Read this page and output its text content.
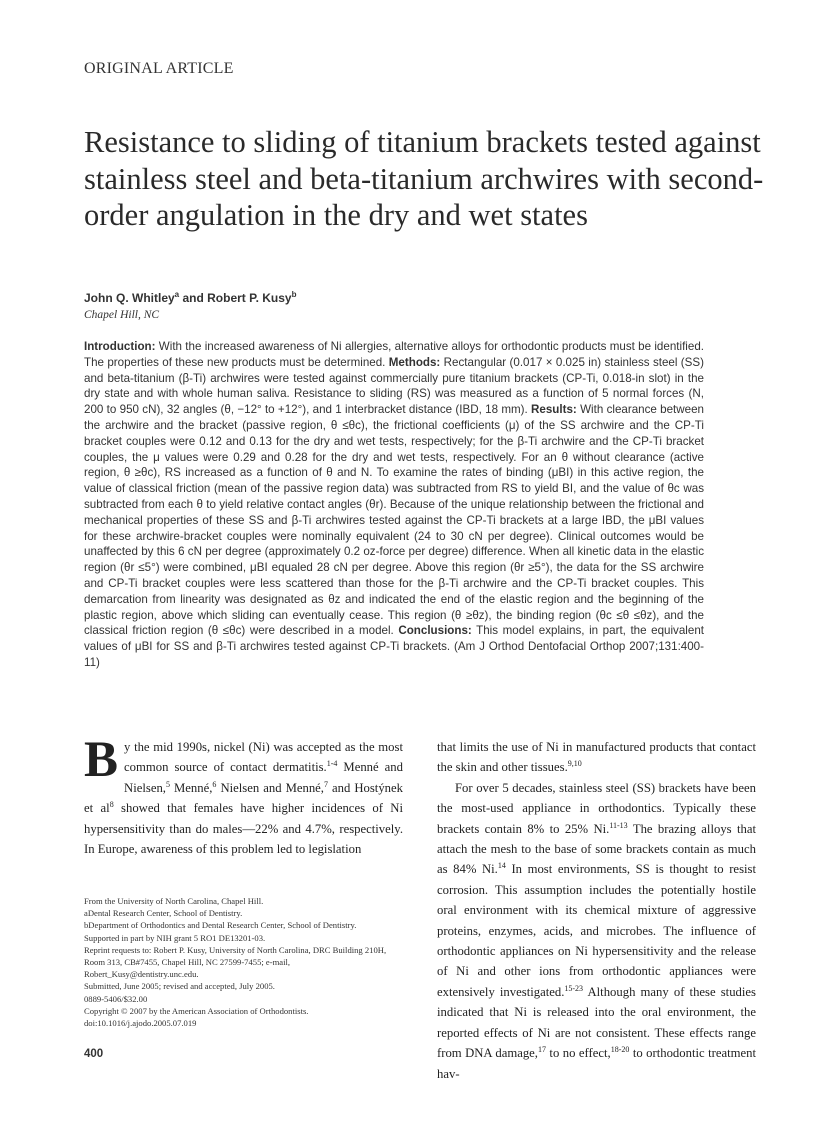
ORIGINAL ARTICLE
Resistance to sliding of titanium brackets tested against stainless steel and beta-titanium archwires with second-order angulation in the dry and wet states
John Q. Whitley$^a$ and Robert P. Kusy$^b$
Chapel Hill, NC
Introduction: With the increased awareness of Ni allergies, alternative alloys for orthodontic products must be identified. The properties of these new products must be determined. Methods: Rectangular (0.017 × 0.025 in) stainless steel (SS) and beta-titanium (β-Ti) archwires were tested against commercially pure titanium brackets (CP-Ti, 0.018-in slot) in the dry state and with whole human saliva. Resistance to sliding (RS) was measured as a function of 5 normal forces (N, 200 to 950 cN), 32 angles (θ, −12° to +12°), and 1 interbracket distance (IBD, 18 mm). Results: With clearance between the archwire and the bracket (passive region, θ ≤θc), the frictional coefficients (μ) of the SS archwire and the CP-Ti bracket couples were 0.12 and 0.13 for the dry and wet tests, respectively; for the β-Ti archwire and the CP-Ti bracket couples, the μ values were 0.29 and 0.28 for the dry and wet tests, respectively. For an θ without clearance (active region, θ ≥θc), RS increased as a function of θ and N. To examine the rates of binding (μBI) in this active region, the value of classical friction (mean of the passive region data) was subtracted from RS to yield BI, and the value of θc was subtracted from each θ to yield relative contact angles (θr). Because of the unique relationship between the frictional and mechanical properties of these SS and β-Ti archwires tested against the CP-Ti brackets at a large IBD, the μBI values for these archwire-bracket couples were nominally equivalent (24 to 30 cN per degree). Clinical outcomes would be unaffected by this 6 cN per degree (approximately 0.2 oz-force per degree) difference. When all kinetic data in the elastic region (θr ≤5°) were combined, μBI equaled 28 cN per degree. Above this region (θr ≥5°), the data for the SS archwire and CP-Ti bracket couples were less scattered than those for the β-Ti archwire and the CP-Ti bracket couples. This demarcation from linearity was designated as θz and indicated the end of the elastic region and the beginning of the plastic region, above which sliding can eventually cease. This region (θ ≥θz), the binding region (θc ≤θ ≤θz), and the classical friction region (θ ≤θc) were described in a model. Conclusions: This model explains, in part, the equivalent values of μBI for SS and β-Ti archwires tested against CP-Ti brackets. (Am J Orthod Dentofacial Orthop 2007;131:400-11)
By the mid 1990s, nickel (Ni) was accepted as the most common source of contact dermatitis.$^{1-4}$ Menné and Nielsen,$^5$ Menné,$^6$ Nielsen and Menné,$^7$ and Hostýnek et $al^8$ showed that females have higher incidences of Ni hypersensitivity than do males—22% and 4.7%, respectively. In Europe, awareness of this problem led to legislation

that limits the use of Ni in manufactured products that contact the skin and other tissues.$^{9,10}$

For over 5 decades, stainless steel (SS) brackets have been the most-used appliance in orthodontics. Typically these brackets contain 8% to 25% Ni.$^{11-13}$ The brazing alloys that attach the mesh to the base of some brackets contain as much as 84% Ni.$^{14}$ In most environments, SS is thought to resist corrosion. This assumption includes the potentially hostile oral environment with its chemical mixture of aggressive proteins, enzymes, acids, and microbes. The influence of orthodontic appliances on Ni hypersensitivity and the release of Ni and other ions from orthodontic appliances were extensively investigated.$^{15-23}$ Although many of these studies indicated that Ni is released into the oral environment, the reported effects of Ni are not consistent. These effects range from DNA damage,$^{17}$ to no effect,$^{18-20}$ to orthodontic treatment hav-

From the University of North Carolina, Chapel Hill.
aDental Research Center, School of Dentistry.
bDepartment of Orthodontics and Dental Research Center, School of Dentistry.
Supported in part by NIH grant 5 RO1 DE13201-03.
Reprint requests to: Robert P. Kusy, University of North Carolina, DRC Building 210H, Room 313, CB#7455, Chapel Hill, NC 27599-7455; e-mail, Robert_Kusy@dentistry.unc.edu.
Submitted, June 2005; revised and accepted, July 2005.
0889-5406/$32.00
Copyright © 2007 by the American Association of Orthodontists.
doi:10.1016/j.ajodo.2005.07.019
400
